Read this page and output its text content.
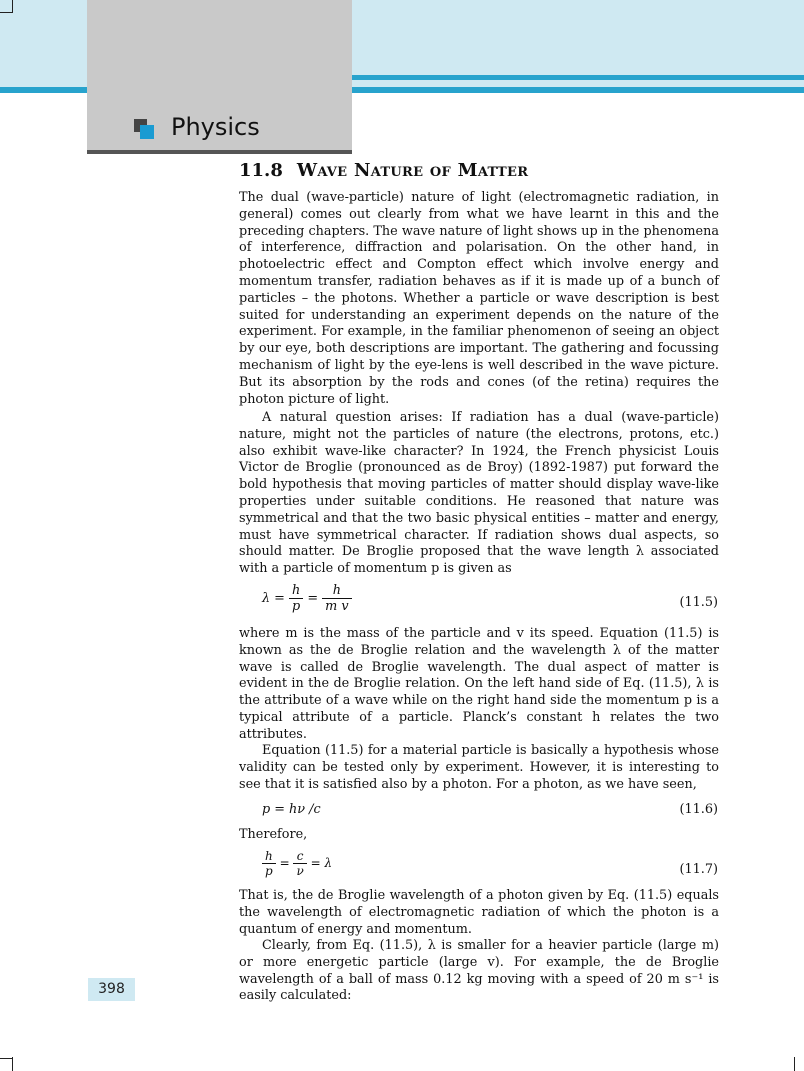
Physics
11.8 Wave Nature of Matter
The dual (wave-particle) nature of light (electromagnetic radiation, in general) comes out clearly from what we have learnt in this and the preceding chapters. The wave nature of light shows up in the phenomena of interference, diffraction and polarisation. On the other hand, in photoelectric effect and Compton effect which involve energy and momentum transfer, radiation behaves as if it is made up of a bunch of particles – the photons. Whether a particle or wave description is best suited for understanding an experiment depends on the nature of the experiment. For example, in the familiar phenomenon of seeing an object by our eye, both descriptions are important. The gathering and focussing mechanism of light by the eye-lens is well described in the wave picture. But its absorption by the rods and cones (of the retina) requires the photon picture of light.
A natural question arises: If radiation has a dual (wave-particle) nature, might not the particles of nature (the electrons, protons, etc.) also exhibit wave-like character? In 1924, the French physicist Louis Victor de Broglie (pronounced as de Broy) (1892-1987) put forward the bold hypothesis that moving particles of matter should display wave-like properties under suitable conditions. He reasoned that nature was symmetrical and that the two basic physical entities – matter and energy, must have symmetrical character. If radiation shows dual aspects, so should matter. De Broglie proposed that the wave length λ associated with a particle of momentum p is given as
$\lambda = \frac{h}{p} = \frac{h}{\text{m v}}$	(11.5)
where m is the mass of the particle and v its speed. Equation (11.5) is known as the de Broglie relation and the wavelength λ of the matter wave is called de Broglie wavelength. The dual aspect of matter is evident in the de Broglie relation. On the left hand side of Eq. (11.5), λ is the attribute of a wave while on the right hand side the momentum p is a typical attribute of a particle. Planck’s constant h relates the two attributes.
Equation (11.5) for a material particle is basically a hypothesis whose validity can be tested only by experiment. However, it is interesting to see that it is satisfied also by a photon. For a photon, as we have seen,
p = hν /c	(11.6)
Therefore,
$\frac{h}{p} = \frac{c}{\nu} = \lambda$	(11.7)
That is, the de Broglie wavelength of a photon given by Eq. (11.5) equals the wavelength of electromagnetic radiation of which the photon is a quantum of energy and momentum.
Clearly, from Eq. (11.5), λ is smaller for a heavier particle (large m) or more energetic particle (large v). For example, the de Broglie wavelength of a ball of mass 0.12 kg moving with a speed of 20 m s⁻¹ is easily calculated:
398
